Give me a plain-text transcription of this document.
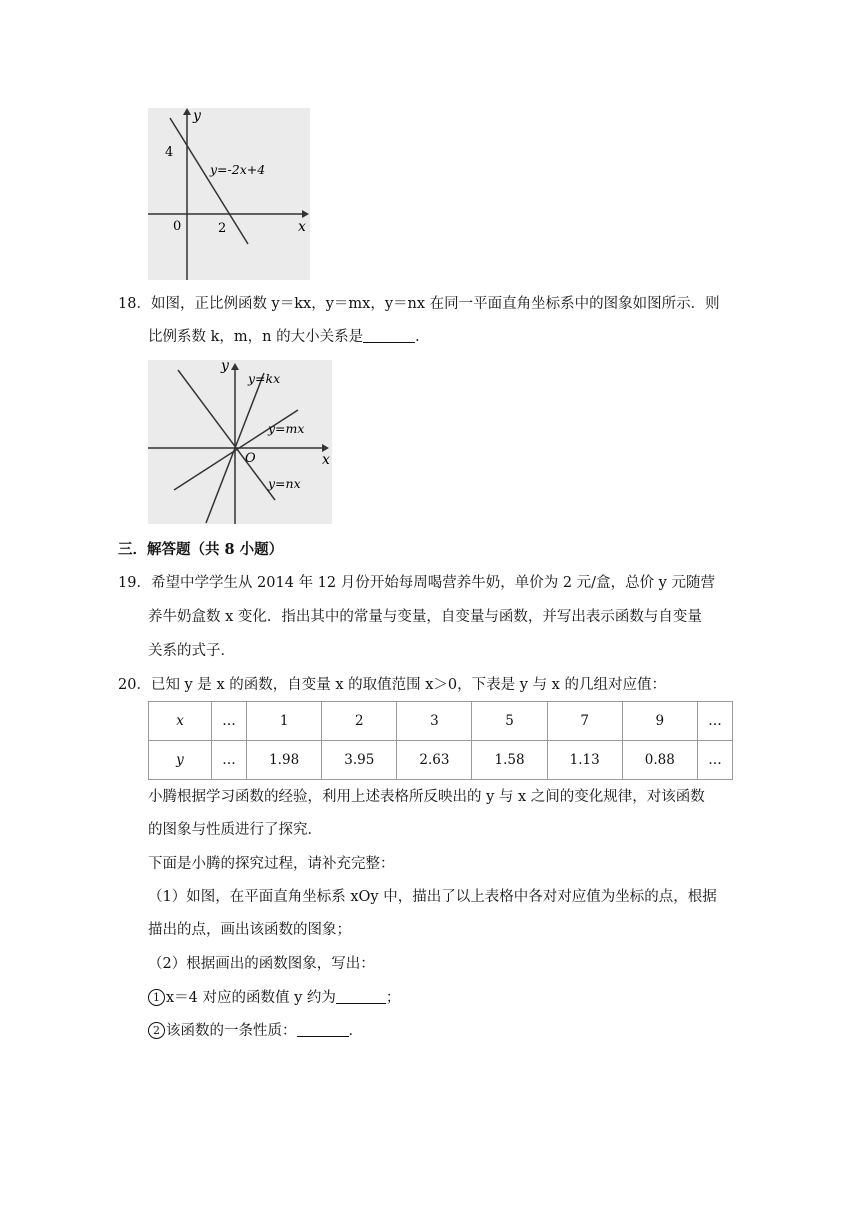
y
x
0
4
2
y=-2x+4
18．如图，正比例函数 y＝kx，y＝mx，y＝nx 在同一平面直角坐标系中的图象如图所示．则
比例系数 k，m，n 的大小关系是	．
y
x
O
y=kx
y=mx
y=nx
三．解答题（共 8 小题）
19．希望中学学生从 2014 年 12 月份开始每周喝营养牛奶，单价为 2 元/盒，总价 y 元随营
养牛奶盒数 x 变化．指出其中的常量与变量，自变量与函数，并写出表示函数与自变量
关系的式子．
20．已知 y 是 x 的函数，自变量 x 的取值范围 x＞0，下表是 y 与 x 的几组对应值：
x	…	1	2	3	5	7	9	…
y	…	1.98	3.95	2.63	1.58	1.13	0.88	…
小腾根据学习函数的经验，利用上述表格所反映出的 y 与 x 之间的变化规律，对该函数
的图象与性质进行了探究．
下面是小腾的探究过程，请补充完整：
（1）如图，在平面直角坐标系 xOy 中，描出了以上表格中各对对应值为坐标的点，根据
描出的点，画出该函数的图象；
（2）根据画出的函数图象，写出：
1 x＝4 对应的函数值 y 约为	；
2 该函数的一条性质：	．
